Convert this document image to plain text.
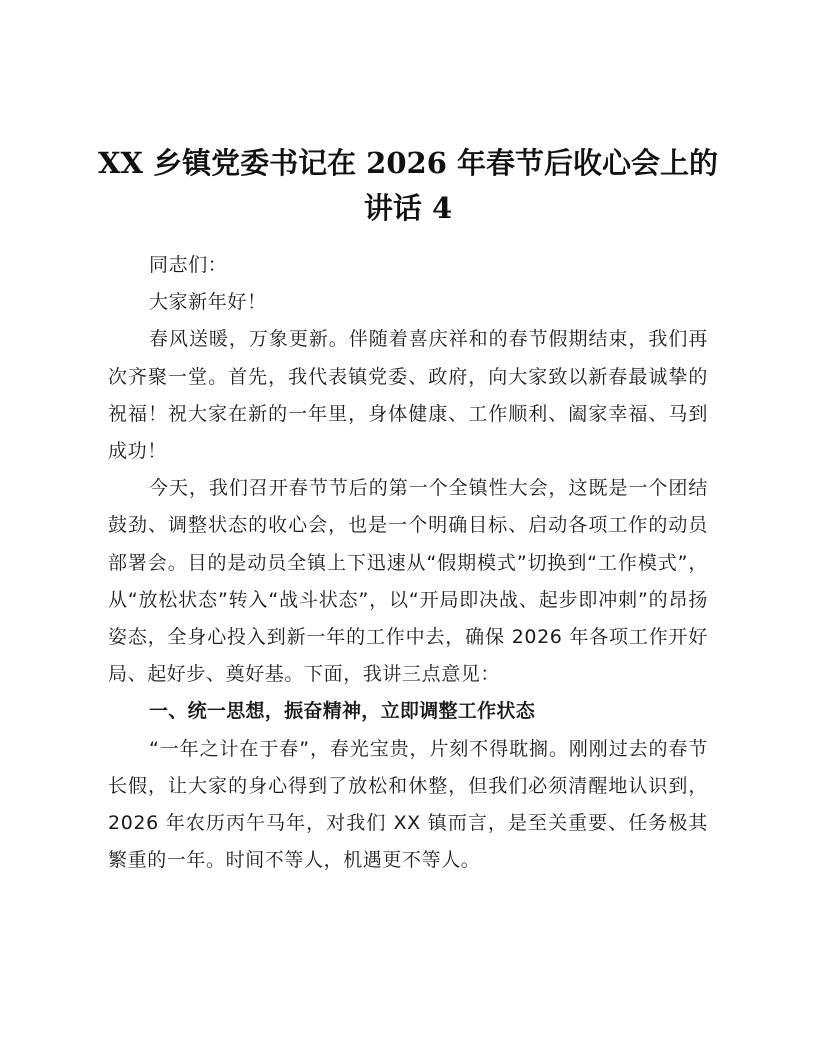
XX 乡镇党委书记在 2026 年春节后收心会上的
讲话 4

同志们：

大家新年好！

春风送暖，万象更新。伴随着喜庆祥和的春节假期结束，我们再次齐聚一堂。首先，我代表镇党委、政府，向大家致以新春最诚挚的祝福！祝大家在新的一年里，身体健康、工作顺利、阖家幸福、马到成功！

今天，我们召开春节节后的第一个全镇性大会，这既是一个团结鼓劲、调整状态的收心会，也是一个明确目标、启动各项工作的动员部署会。目的是动员全镇上下迅速从“假期模式”切换到“工作模式”，从“放松状态”转入“战斗状态”，以“开局即决战、起步即冲刺”的昂扬姿态，全身心投入到新一年的工作中去，确保 2026 年各项工作开好局、起好步、奠好基。下面，我讲三点意见：

一、统一思想，振奋精神，立即调整工作状态

“一年之计在于春”，春光宝贵，片刻不得耽搁。刚刚过去的春节长假，让大家的身心得到了放松和休整，但我们必须清醒地认识到，2026 年农历丙午马年，对我们 XX 镇而言，是至关重要、任务极其繁重的一年。时间不等人，机遇更不等人。
